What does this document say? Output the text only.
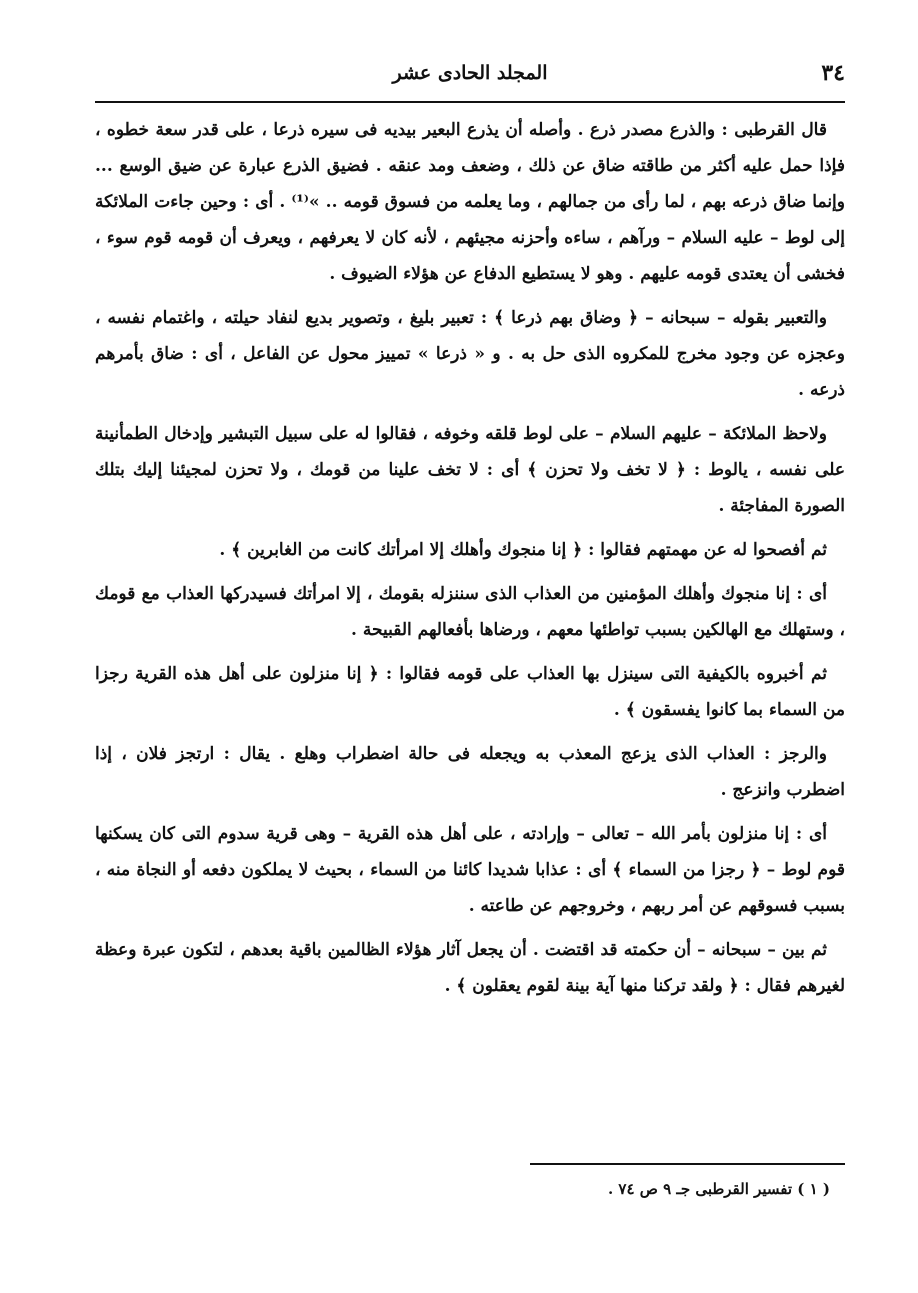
٣٤
المجلد الحادى عشر

قال القرطبى : والذرع مصدر ذرع . وأصله أن يذرع البعير بيديه فى سيره ذرعا ، على قدر سعة خطوه ، فإذا حمل عليه أكثر من طاقته ضاق عن ذلك ، وضعف ومد عنقه . فضيق الذرع عبارة عن ضيق الوسع ... وإنما ضاق ذرعه بهم ، لما رأى من جمالهم ، وما يعلمه من فسوق قومه .. »⁽¹⁾ . أى : وحين جاءت الملائكة إلى لوط – عليه السلام – ورآهم ، ساءه وأحزنه مجيئهم ، لأنه كان لا يعرفهم ، ويعرف أن قومه قوم سوء ، فخشى أن يعتدى قومه عليهم . وهو لا يستطيع الدفاع عن هؤلاء الضيوف .

والتعبير بقوله – سبحانه – ﴿ وضاق بهم ذرعا ﴾ : تعبير بليغ ، وتصوير بديع لنفاد حيلته ، واغتمام نفسه ، وعجزه عن وجود مخرج للمكروه الذى حل به . و « ذرعا » تمييز محول عن الفاعل ، أى : ضاق بأمرهم ذرعه .

ولاحظ الملائكة – عليهم السلام – على لوط قلقه وخوفه ، فقالوا له على سبيل التبشير وإدخال الطمأنينة على نفسه ، يالوط : ﴿ لا تخف ولا تحزن ﴾ أى : لا تخف علينا من قومك ، ولا تحزن لمجيئنا إليك بتلك الصورة المفاجئة .

ثم أفصحوا له عن مهمتهم فقالوا : ﴿ إنا منجوك وأهلك إلا امرأتك كانت من الغابرين ﴾ .

أى : إنا منجوك وأهلك المؤمنين من العذاب الذى سننزله بقومك ، إلا امرأتك فسيدركها العذاب مع قومك ، وستهلك مع الهالكين بسبب تواطئها معهم ، ورضاها بأفعالهم القبيحة .

ثم أخبروه بالكيفية التى سينزل بها العذاب على قومه فقالوا : ﴿ إنا منزلون على أهل هذه القرية رجزا من السماء بما كانوا يفسقون ﴾ .

والرجز : العذاب الذى يزعج المعذب به ويجعله فى حالة اضطراب وهلع . يقال : ارتجز فلان ، إذا اضطرب وانزعج .

أى : إنا منزلون بأمر الله – تعالى – وإرادته ، على أهل هذه القرية – وهى قرية سدوم التى كان يسكنها قوم لوط – ﴿ رجزا من السماء ﴾ أى : عذابا شديدا كائنا من السماء ، بحيث لا يملكون دفعه أو النجاة منه ، بسبب فسوقهم عن أمر ربهم ، وخروجهم عن طاعته .

ثم بين – سبحانه – أن حكمته قد اقتضت . أن يجعل آثار هؤلاء الظالمين باقية بعدهم ، لتكون عبرة وعظة لغيرهم فقال : ﴿ ولقد تركنا منها آية بينة لقوم يعقلون ﴾ .

( ١ ) تفسير القرطبى جـ ٩ ص ٧٤ .
